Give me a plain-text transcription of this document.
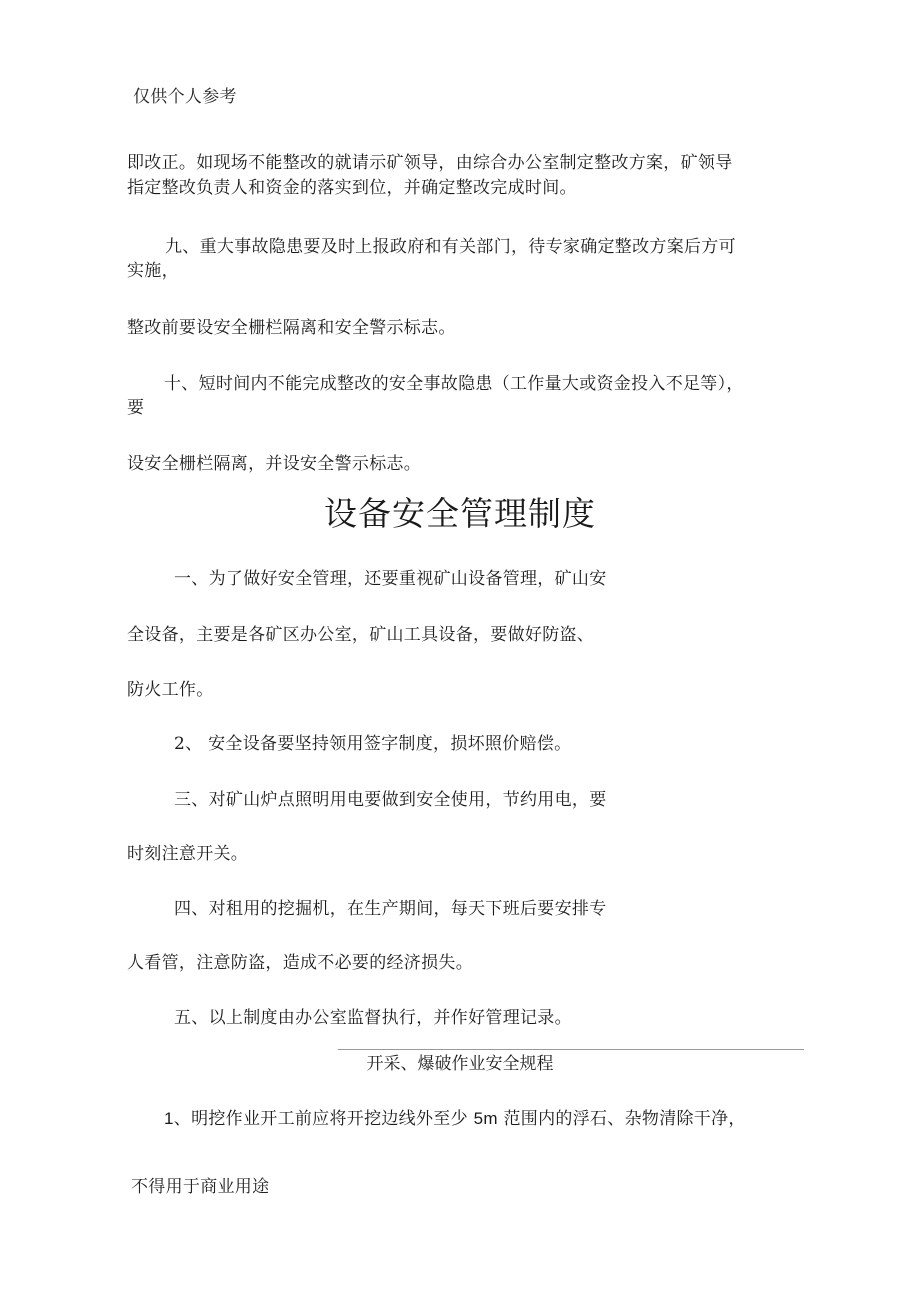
仅供个人参考
即改正。如现场不能整改的就请示矿领导，由综合办公室制定整改方案，矿领导
指定整改负责人和资金的落实到位，并确定整改完成时间。
九、重大事故隐患要及时上报政府和有关部门，待专家确定整改方案后方可
实施，
整改前要设安全栅栏隔离和安全警示标志。
十、短时间内不能完成整改的安全事故隐患（工作量大或资金投入不足等），
要
设安全栅栏隔离，并设安全警示标志。
设备安全管理制度
一、为了做好安全管理，还要重视矿山设备管理，矿山安
全设备，主要是各矿区办公室，矿山工具设备，要做好防盗、
防火工作。
2、 安全设备要坚持领用签字制度，损坏照价赔偿。
三、对矿山炉点照明用电要做到安全使用，节约用电，要
时刻注意开关。
四、对租用的挖掘机，在生产期间，每天下班后要安排专
人看管，注意防盗，造成不必要的经济损失。
五、以上制度由办公室监督执行，并作好管理记录。
开采、爆破作业安全规程
1、明挖作业开工前应将开挖边线外至少 5m 范围内的浮石、杂物清除干净，
不得用于商业用途
